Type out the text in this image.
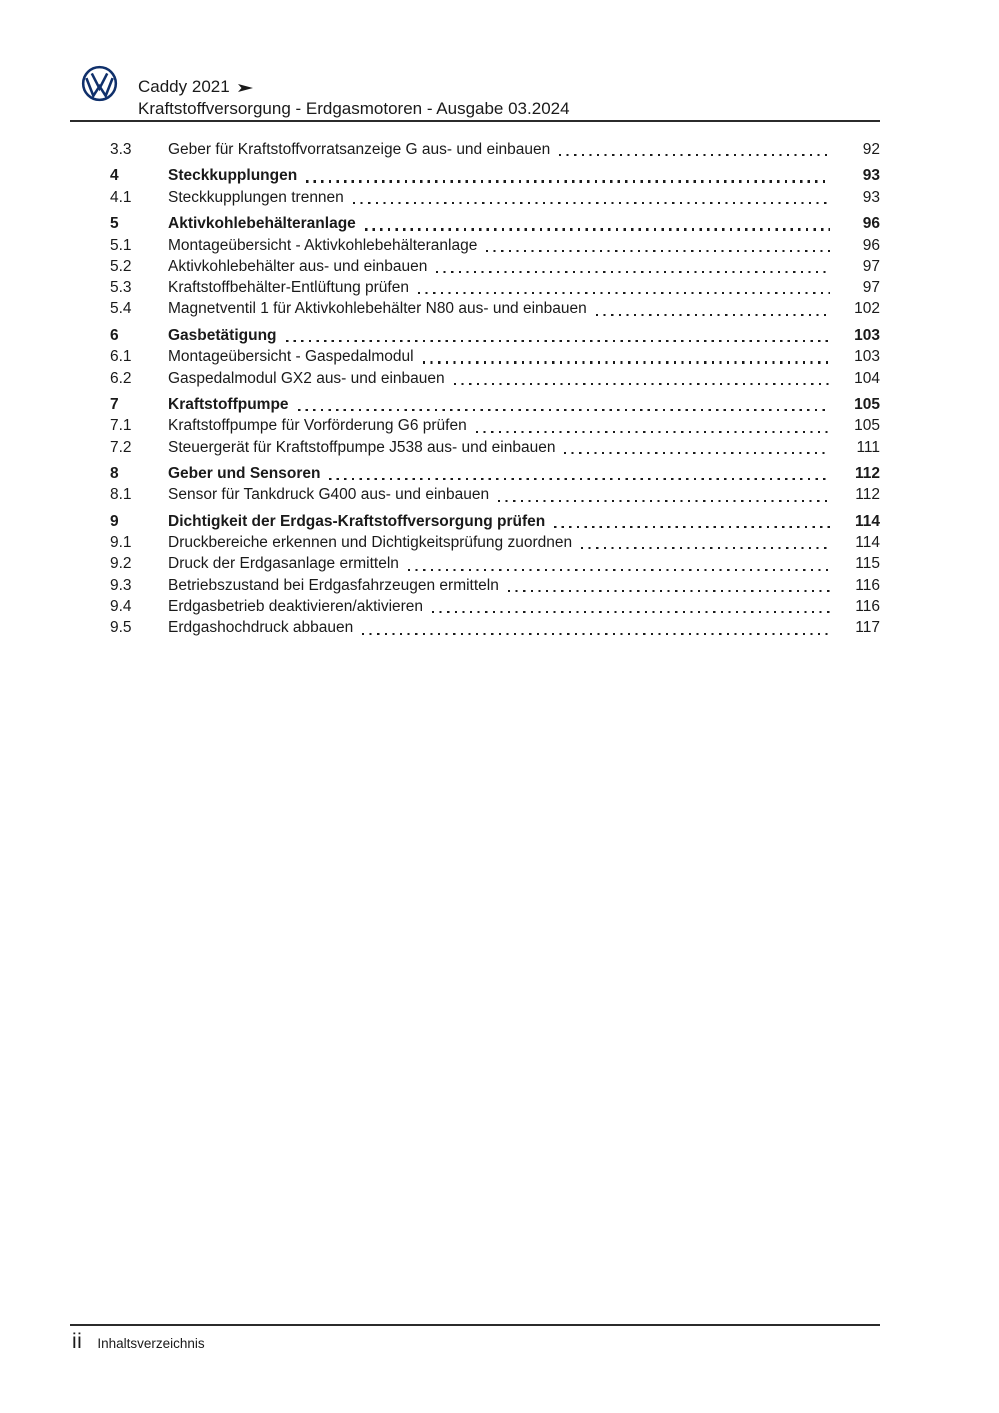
Caddy 2021
Kraftstoffversorgung - Erdgasmotoren - Ausgabe 03.2024
3.3	Geber für Kraftstoffvorratsanzeige G aus- und einbauen	92
4	Steckkupplungen	93
4.1	Steckkupplungen trennen	93
5	Aktivkohlebehälteranlage	96
5.1	Montageübersicht - Aktivkohlebehälteranlage	96
5.2	Aktivkohlebehälter aus- und einbauen	97
5.3	Kraftstoffbehälter-Entlüftung prüfen	97
5.4	Magnetventil 1 für Aktivkohlebehälter N80 aus- und einbauen	102
6	Gasbetätigung	103
6.1	Montageübersicht - Gaspedalmodul	103
6.2	Gaspedalmodul GX2 aus- und einbauen	104
7	Kraftstoffpumpe	105
7.1	Kraftstoffpumpe für Vorförderung G6 prüfen	105
7.2	Steuergerät für Kraftstoffpumpe J538 aus- und einbauen	111
8	Geber und Sensoren	112
8.1	Sensor für Tankdruck G400 aus- und einbauen	112
9	Dichtigkeit der Erdgas-Kraftstoffversorgung prüfen	114
9.1	Druckbereiche erkennen und Dichtigkeitsprüfung zuordnen	114
9.2	Druck der Erdgasanlage ermitteln	115
9.3	Betriebszustand bei Erdgasfahrzeugen ermitteln	116
9.4	Erdgasbetrieb deaktivieren/aktivieren	116
9.5	Erdgashochdruck abbauen	117
ii Inhaltsverzeichnis
